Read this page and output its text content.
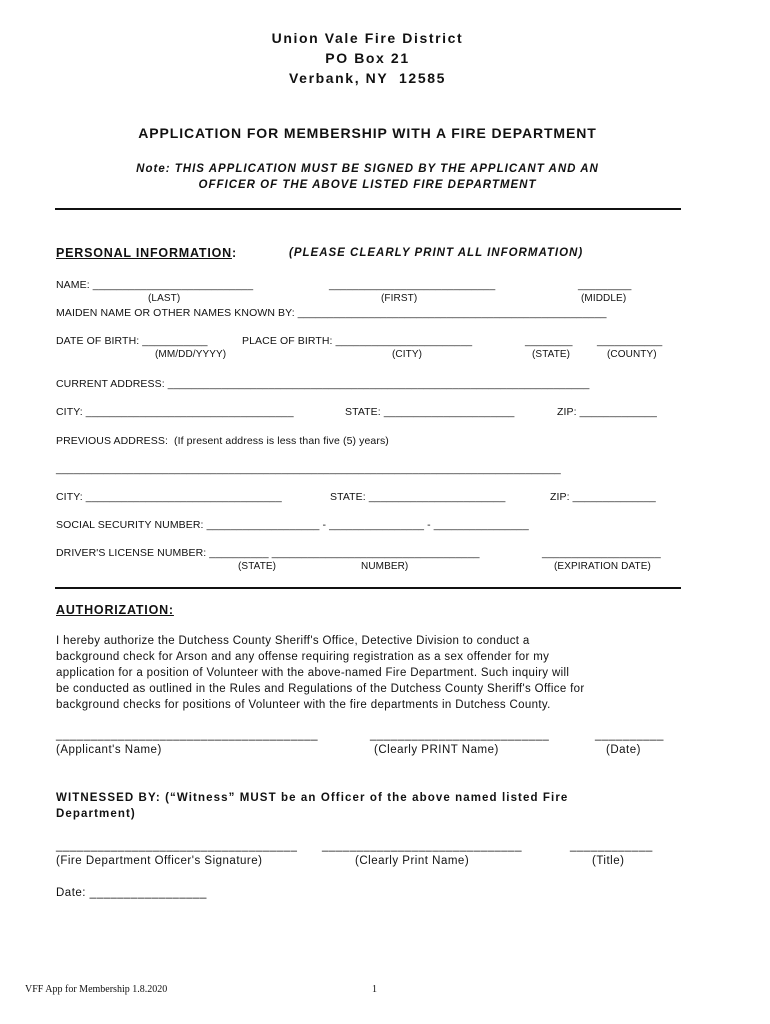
Union Vale Fire District
PO Box 21
Verbank, NY  12585
APPLICATION FOR MEMBERSHIP WITH A FIRE DEPARTMENT
Note: THIS APPLICATION MUST BE SIGNED BY THE APPLICANT AND AN
OFFICER OF THE ABOVE LISTED FIRE DEPARTMENT
PERSONAL INFORMATION:	(PLEASE CLEARLY PRINT ALL INFORMATION)
NAME: ___________________________	____________________________	_________
(LAST)	(FIRST)	(MIDDLE)
MAIDEN NAME OR OTHER NAMES KNOWN BY: ____________________________________________________
DATE OF BIRTH: ___________	PLACE OF BIRTH: _______________________	________ ___________
(MM/DD/YYYY)	(CITY)	(STATE)	(COUNTY)
CURRENT ADDRESS: _______________________________________________________________________
CITY: ___________________________________	STATE: ______________________	ZIP: _____________
PREVIOUS ADDRESS:  (If present address is less than five (5) years)
_____________________________________________________________________________________
CITY: _________________________________	STATE: _______________________	ZIP: ______________
SOCIAL SECURITY NUMBER: ___________________ - ________________ - ________________
DRIVER'S LICENSE NUMBER: __________ ___________________________________	____________________
(STATE)	NUMBER)	(EXPIRATION DATE)
AUTHORIZATION:
I hereby authorize the Dutchess County Sheriff's Office, Detective Division to conduct a
background check for Arson and any offense requiring registration as a sex offender for my
application for a position of Volunteer with the above-named Fire Department. Such inquiry will
be conducted as outlined in the Rules and Regulations of the Dutchess County Sheriff's Office for
background checks for positions of Volunteer with the fire departments in Dutchess County.
______________________________________	__________________________	__________
(Applicant's Name)	(Clearly PRINT Name)	(Date)
WITNESSED BY: (“Witness” MUST be an Officer of the above named listed Fire
Department)
___________________________________ _____________________________	____________
(Fire Department Officer's Signature)	(Clearly Print Name)	(Title)
Date: _________________
VFF App for Membership 1.8.2020	1
